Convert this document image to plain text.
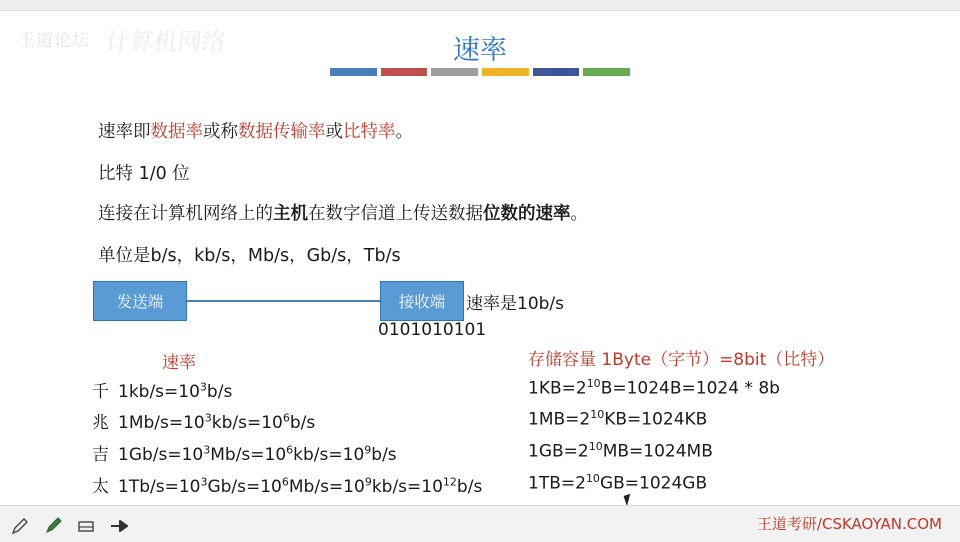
王道论坛 计算机网络	速率
速率即数据率或称数据传输率或比特率。
比特 1/0 位
连接在计算机网络上的主机在数字信道上传送数据位数的速率。
单位是b/s，kb/s，Mb/s，Gb/s，Tb/s
发送端	接收端	速率是10b/s
0101010101
速率	存储容量 1Byte（字节）=8bit（比特）
千 $1kb/s=10^3b/s$
兆 $1Mb/s=10^3kb/s=10^6b/s$
吉 $1Gb/s=10^3Mb/s=10^6kb/s=10^9b/s$
太 $1Tb/s=10^3Gb/s=10^6Mb/s=10^9kb/s=10^{12}b/s$
$1KB=2^{10}B=1024B=1024 * 8b$
$1MB=2^{10}KB=1024KB$
$1GB=2^{10}MB=1024MB$
$1TB=2^{10}GB=1024GB$
王道考研/CSKAOYAN.COM
